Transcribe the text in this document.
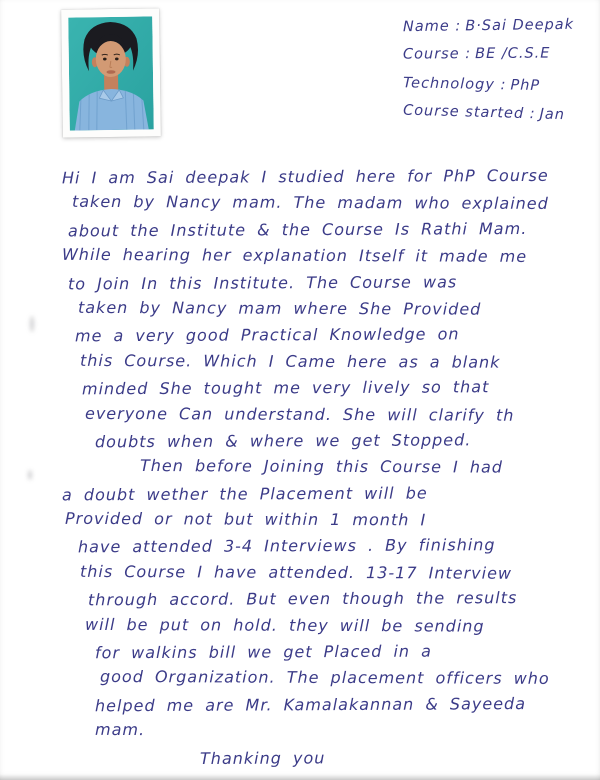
Name : B·Sai Deepak
Course : BE /C.S.E
Technology : PhP
Course started : Jan
Hi I am Sai deepak I studied here for PhP Course
taken by Nancy mam. The madam who explained
about the Institute & the Course Is Rathi Mam.
While hearing her explanation Itself it made me
to Join In this Institute. The Course was
taken by Nancy mam where She Provided
me a very good Practical Knowledge on
this Course. Which I Came here as a blank
minded She tought me very lively so that
everyone Can understand. She will clarify th
doubts when & where we get Stopped.
Then before Joining this Course I had
a doubt wether the Placement will be
Provided or not but within 1 month I
have attended 3-4 Interviews . By finishing
this Course I have attended. 13-17 Interview
through accord. But even though the results
will be put on hold. they will be sending
for walkins bill we get Placed in a
good Organization. The placement officers who
helped me are Mr. Kamalakannan & Sayeeda
mam.
Thanking you
